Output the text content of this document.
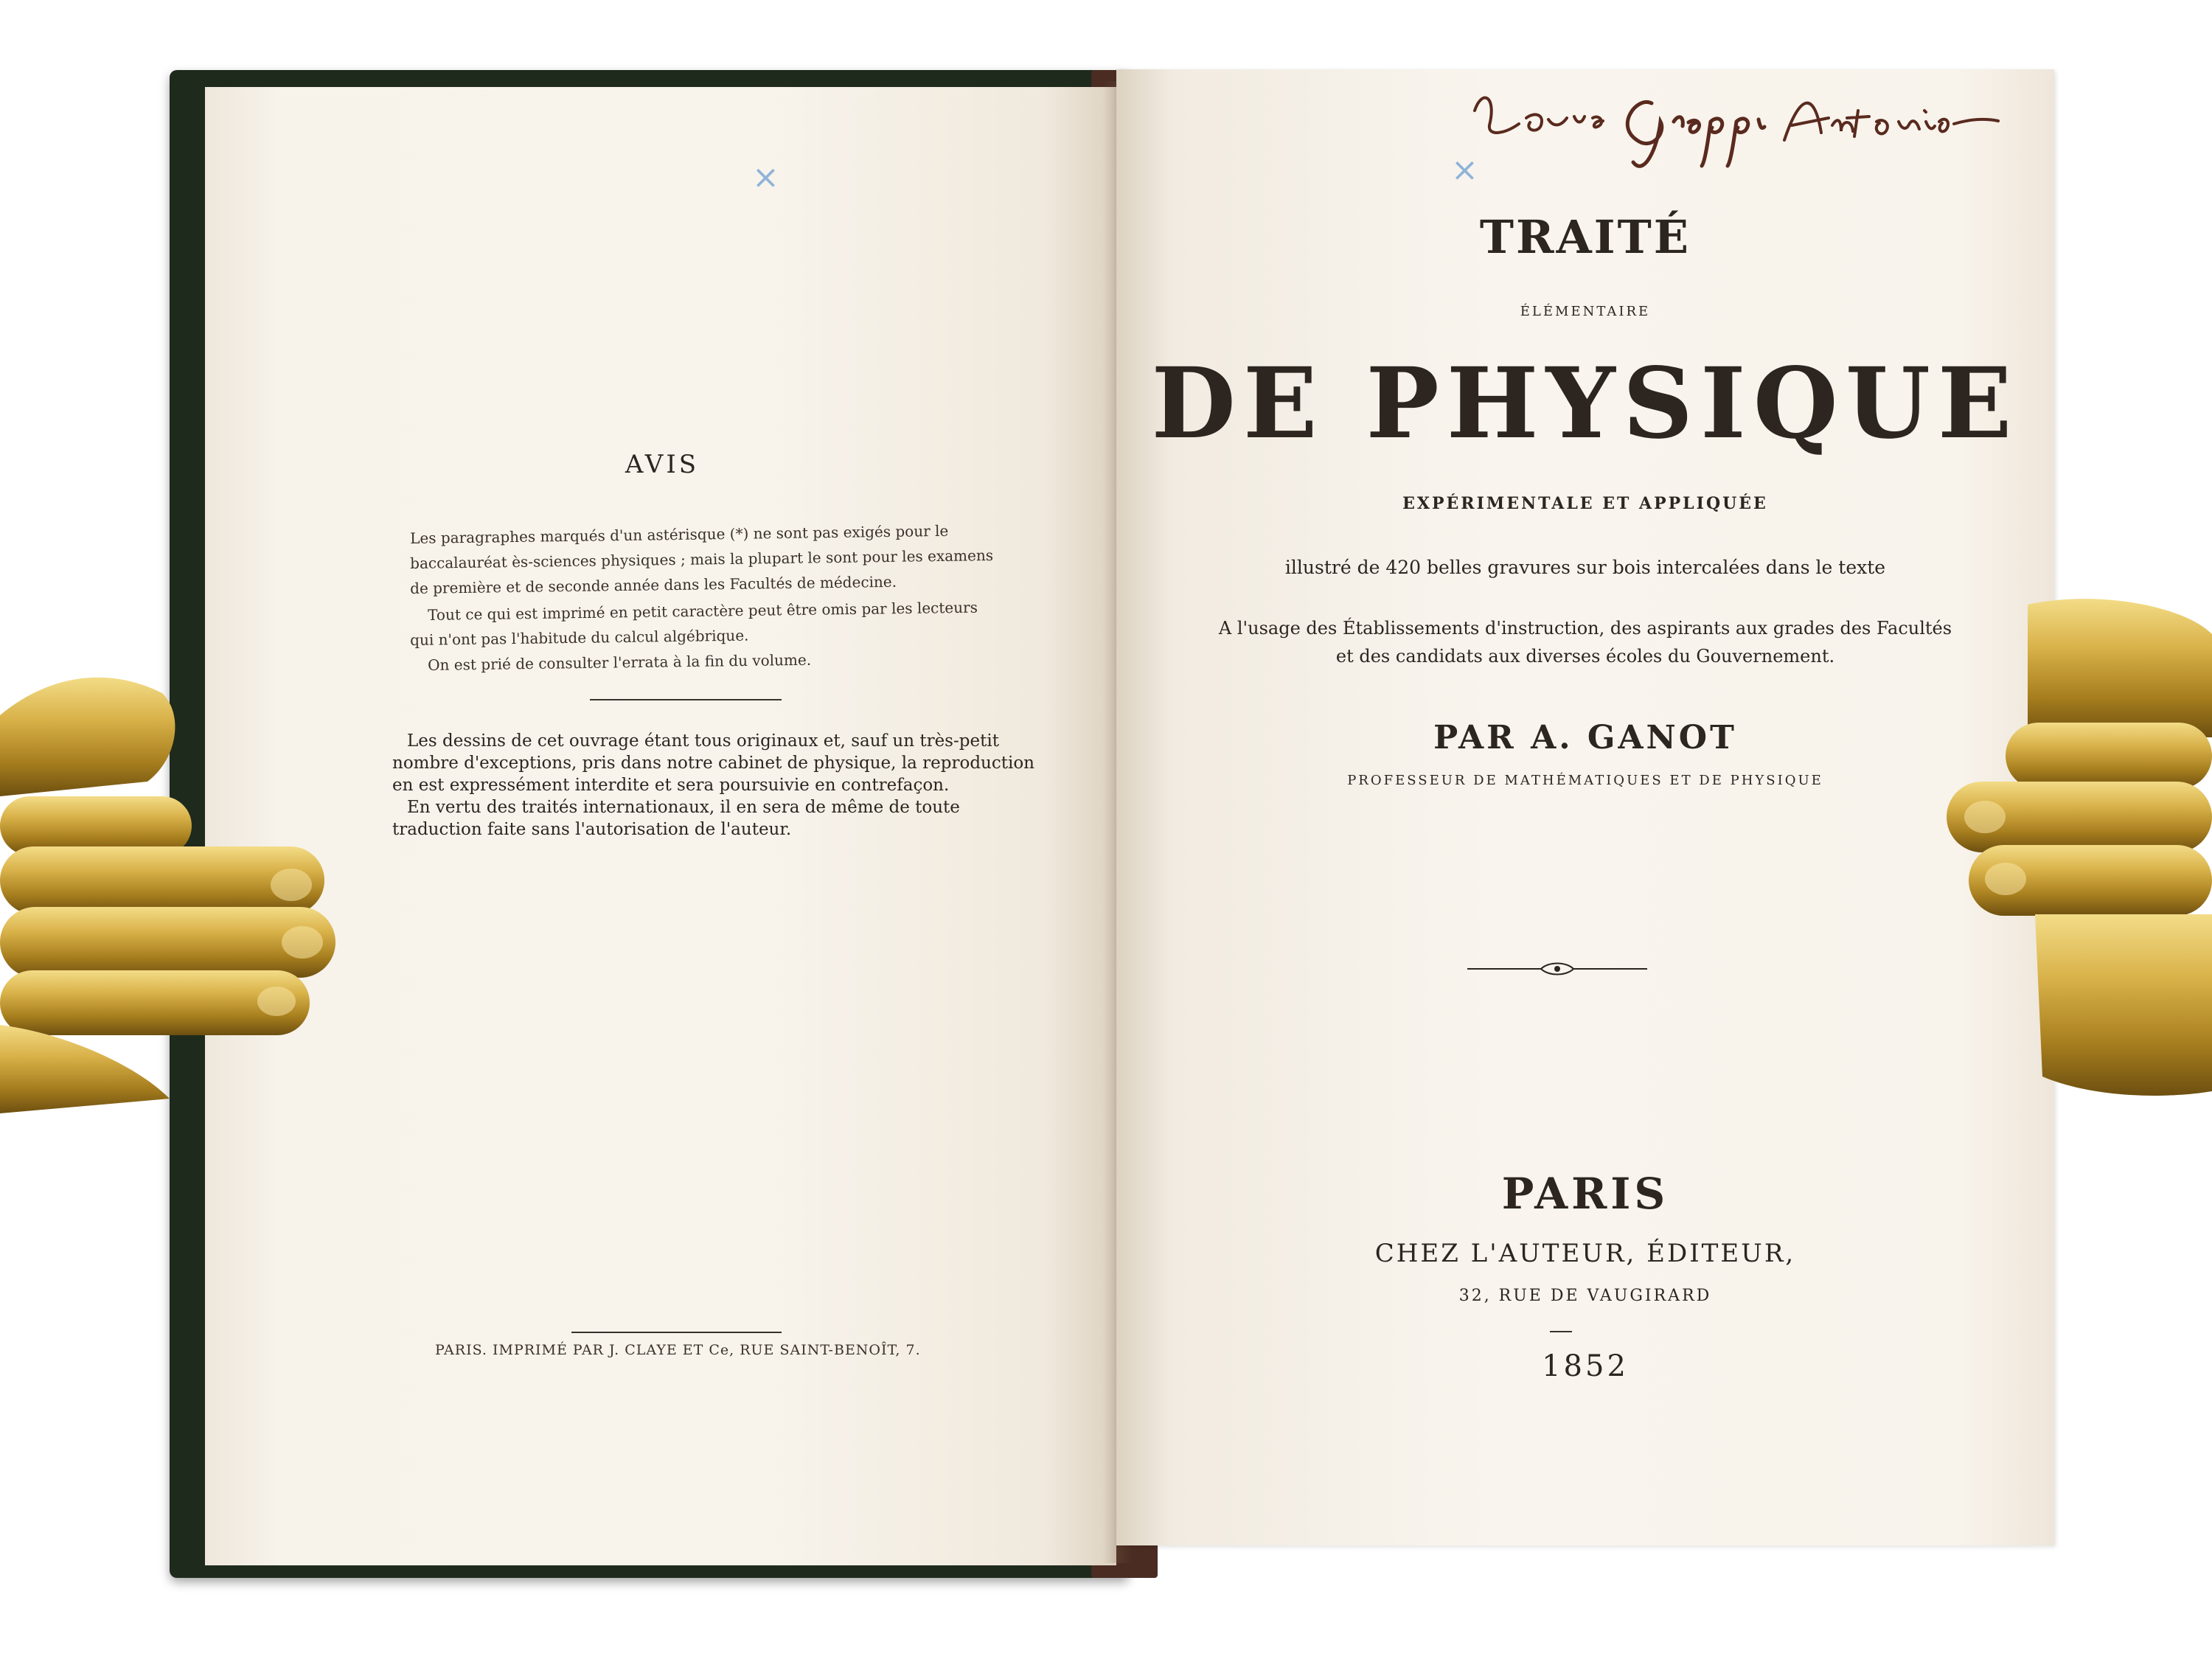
AVIS
Les paragraphes marqués d'un astérisque (*) ne sont pas exigés pour le
baccalauréat ès-sciences physiques ; mais la plupart le sont pour les examens
de première et de seconde année dans les Facultés de médecine.
Tout ce qui est imprimé en petit caractère peut être omis par les lecteurs
qui n'ont pas l'habitude du calcul algébrique.
On est prié de consulter l'errata à la fin du volume.
Les dessins de cet ouvrage étant tous originaux et, sauf un très-petit
nombre d'exceptions, pris dans notre cabinet de physique, la reproduction
en est expressément interdite et sera poursuivie en contrefaçon.
En vertu des traités internationaux, il en sera de même de toute
traduction faite sans l'autorisation de l'auteur.
PARIS. IMPRIMÉ PAR J. CLAYE ET Ce, RUE SAINT-BENOÎT, 7.
×	×
TRAITÉ
ÉLÉMENTAIRE
DE PHYSIQUE
EXPÉRIMENTALE ET APPLIQUÉE
illustré de 420 belles gravures sur bois intercalées dans le texte
A l'usage des Établissements d'instruction, des aspirants aux grades des Facultés
et des candidats aux diverses écoles du Gouvernement.
PAR A. GANOT
PROFESSEUR DE MATHÉMATIQUES ET DE PHYSIQUE
PARIS
CHEZ L'AUTEUR, ÉDITEUR,
32, RUE DE VAUGIRARD
1852
